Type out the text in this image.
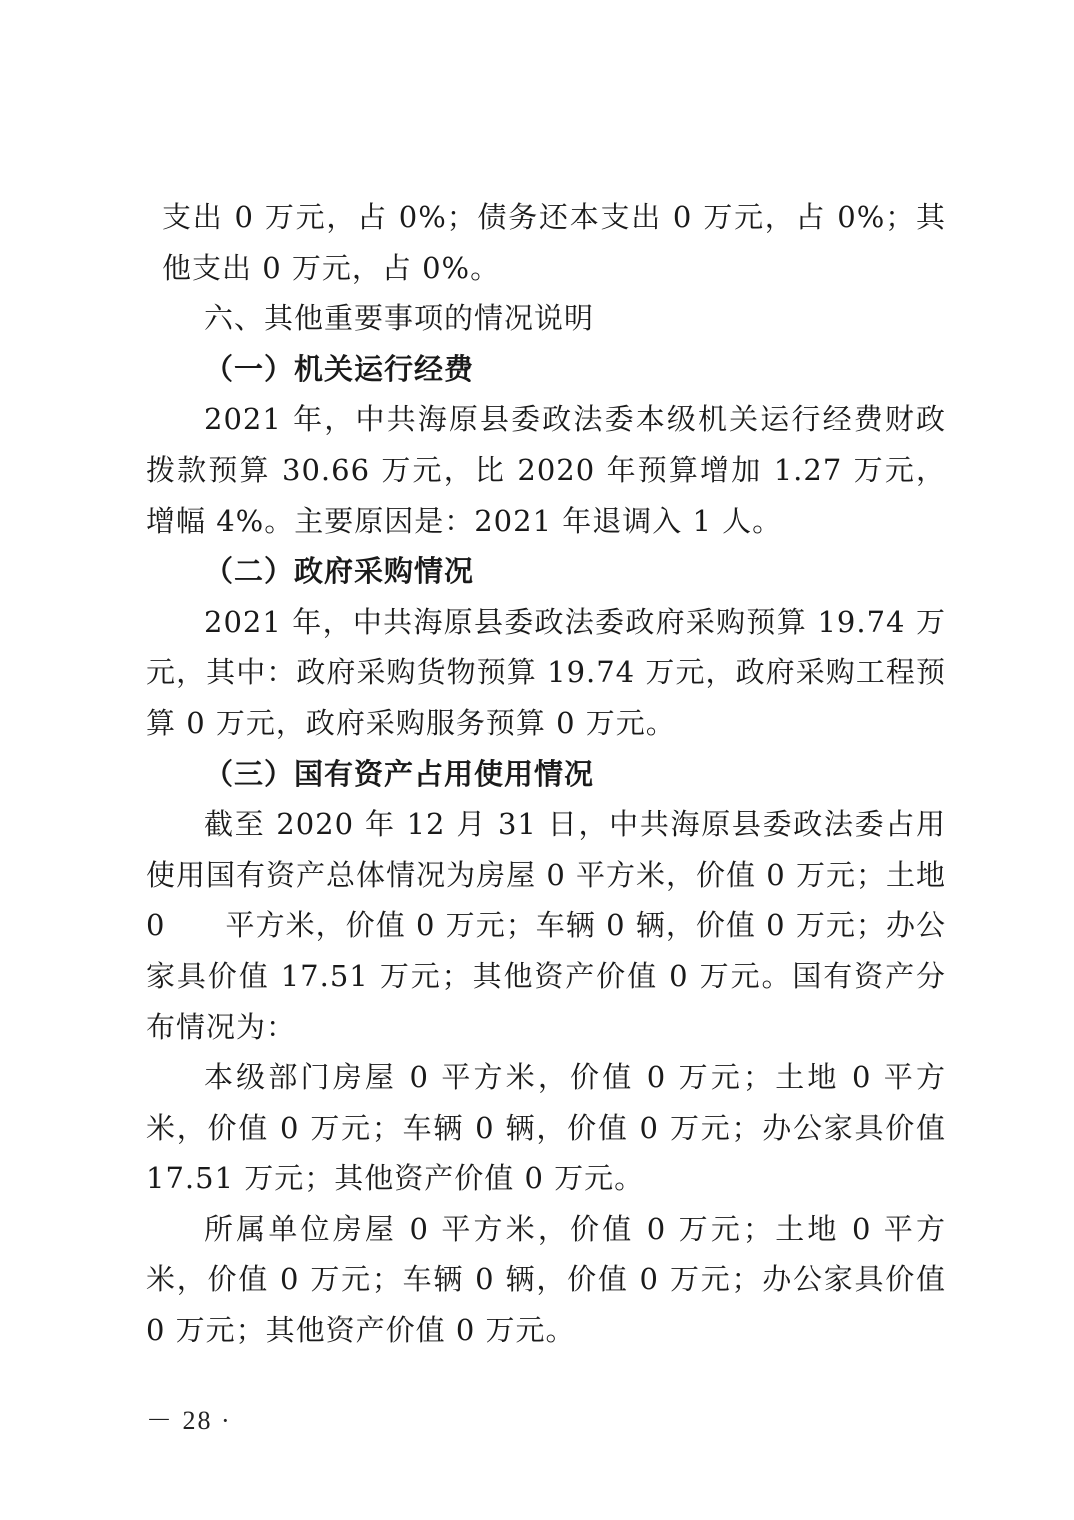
支出 0 万元，占 0%；债务还本支出 0 万元，占 0%；其他支出 0 万元，占 0%。

六、其他重要事项的情况说明

（一）机关运行经费

2021 年，中共海原县委政法委本级机关运行经费财政拨款预算 30.66 万元，比 2020 年预算增加 1.27 万元，增幅 4%。主要原因是：2021 年退调入 1 人。

（二）政府采购情况

2021 年，中共海原县委政法委政府采购预算 19.74 万元，其中：政府采购货物预算 19.74 万元，政府采购工程预算 0 万元，政府采购服务预算 0 万元。

（三）国有资产占用使用情况

截至 2020 年 12 月 31 日，中共海原县委政法委占用使用国有资产总体情况为房屋 0 平方米，价值 0 万元；土地 0　　平方米，价值 0 万元；车辆 0 辆，价值 0 万元；办公家具价值 17.51 万元；其他资产价值 0 万元。国有资产分布情况为：

本级部门房屋 0 平方米，价值 0 万元；土地 0 平方米，价值 0 万元；车辆 0 辆，价值 0 万元；办公家具价值 17.51 万元；其他资产价值 0 万元。

所属单位房屋 0 平方米，价值 0 万元；土地 0 平方米，价值 0 万元；车辆 0 辆，价值 0 万元；办公家具价值 0 万元；其他资产价值 0 万元。

－ 28 ·
